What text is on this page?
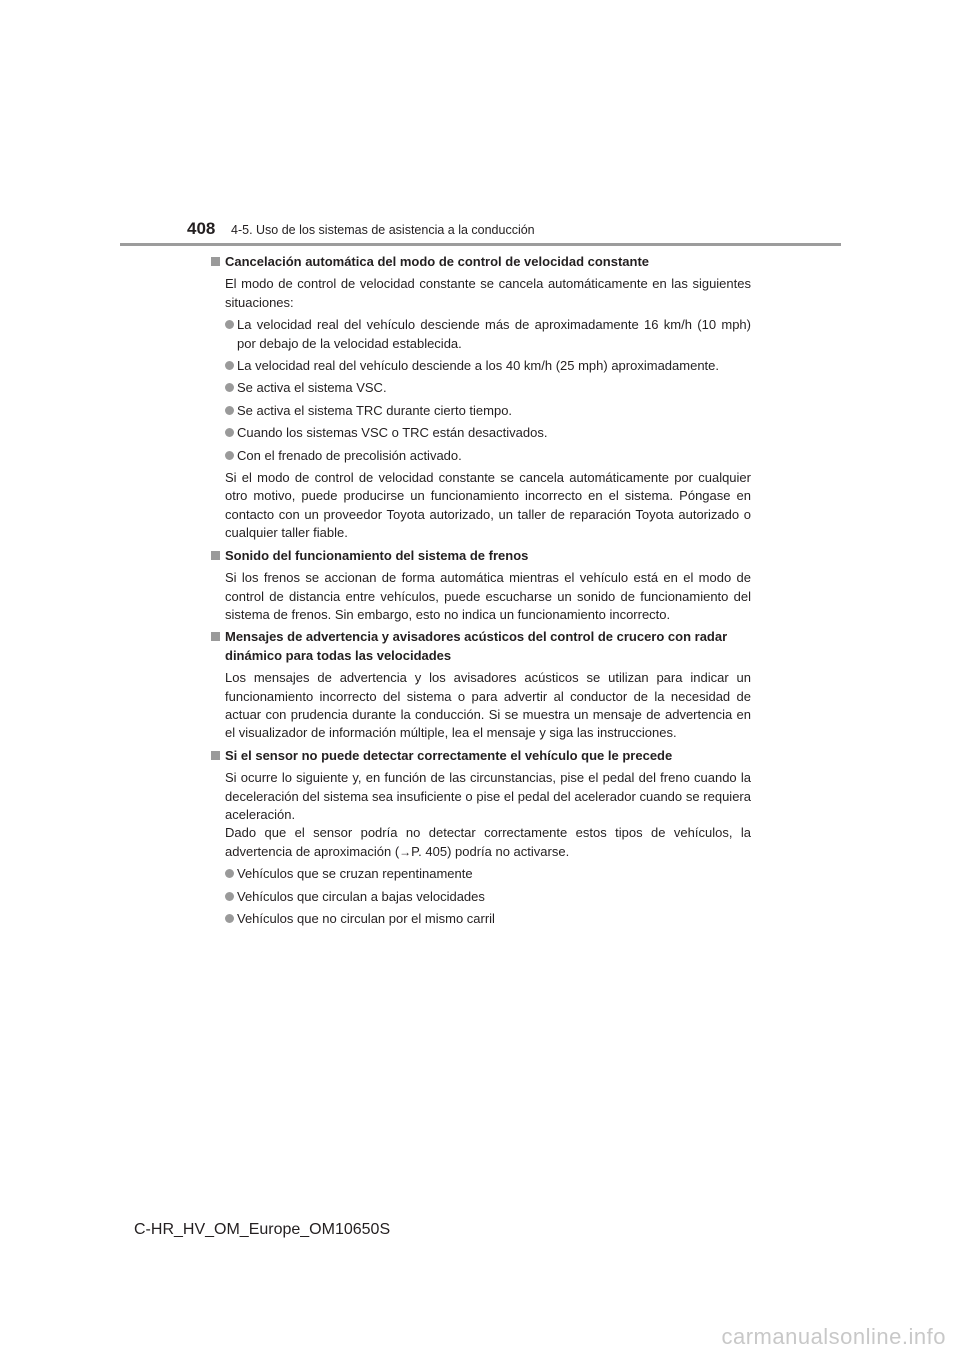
408 4-5. Uso de los sistemas de asistencia a la conducción
Cancelación automática del modo de control de velocidad constante
El modo de control de velocidad constante se cancela automáticamente en las siguientes situaciones:
La velocidad real del vehículo desciende más de aproximadamente 16 km/h (10 mph) por debajo de la velocidad establecida.
La velocidad real del vehículo desciende a los 40 km/h (25 mph) aproximadamente.
Se activa el sistema VSC.
Se activa el sistema TRC durante cierto tiempo.
Cuando los sistemas VSC o TRC están desactivados.
Con el frenado de precolisión activado.
Si el modo de control de velocidad constante se cancela automáticamente por cualquier otro motivo, puede producirse un funcionamiento incorrecto en el sistema. Póngase en contacto con un proveedor Toyota autorizado, un taller de reparación Toyota autorizado o cualquier taller fiable.
Sonido del funcionamiento del sistema de frenos
Si los frenos se accionan de forma automática mientras el vehículo está en el modo de control de distancia entre vehículos, puede escucharse un sonido de funcionamiento del sistema de frenos. Sin embargo, esto no indica un funcionamiento incorrecto.
Mensajes de advertencia y avisadores acústicos del control de crucero con radar dinámico para todas las velocidades
Los mensajes de advertencia y los avisadores acústicos se utilizan para indicar un funcionamiento incorrecto del sistema o para advertir al conductor de la necesidad de actuar con prudencia durante la conducción. Si se muestra un mensaje de advertencia en el visualizador de información múltiple, lea el mensaje y siga las instrucciones.
Si el sensor no puede detectar correctamente el vehículo que le precede
Si ocurre lo siguiente y, en función de las circunstancias, pise el pedal del freno cuando la deceleración del sistema sea insuficiente o pise el pedal del acelerador cuando se requiera aceleración.
Dado que el sensor podría no detectar correctamente estos tipos de vehículos, la advertencia de aproximación (→P. 405) podría no activarse.
Vehículos que se cruzan repentinamente
Vehículos que circulan a bajas velocidades
Vehículos que no circulan por el mismo carril
C-HR_HV_OM_Europe_OM10650S
carmanualsonline.info
